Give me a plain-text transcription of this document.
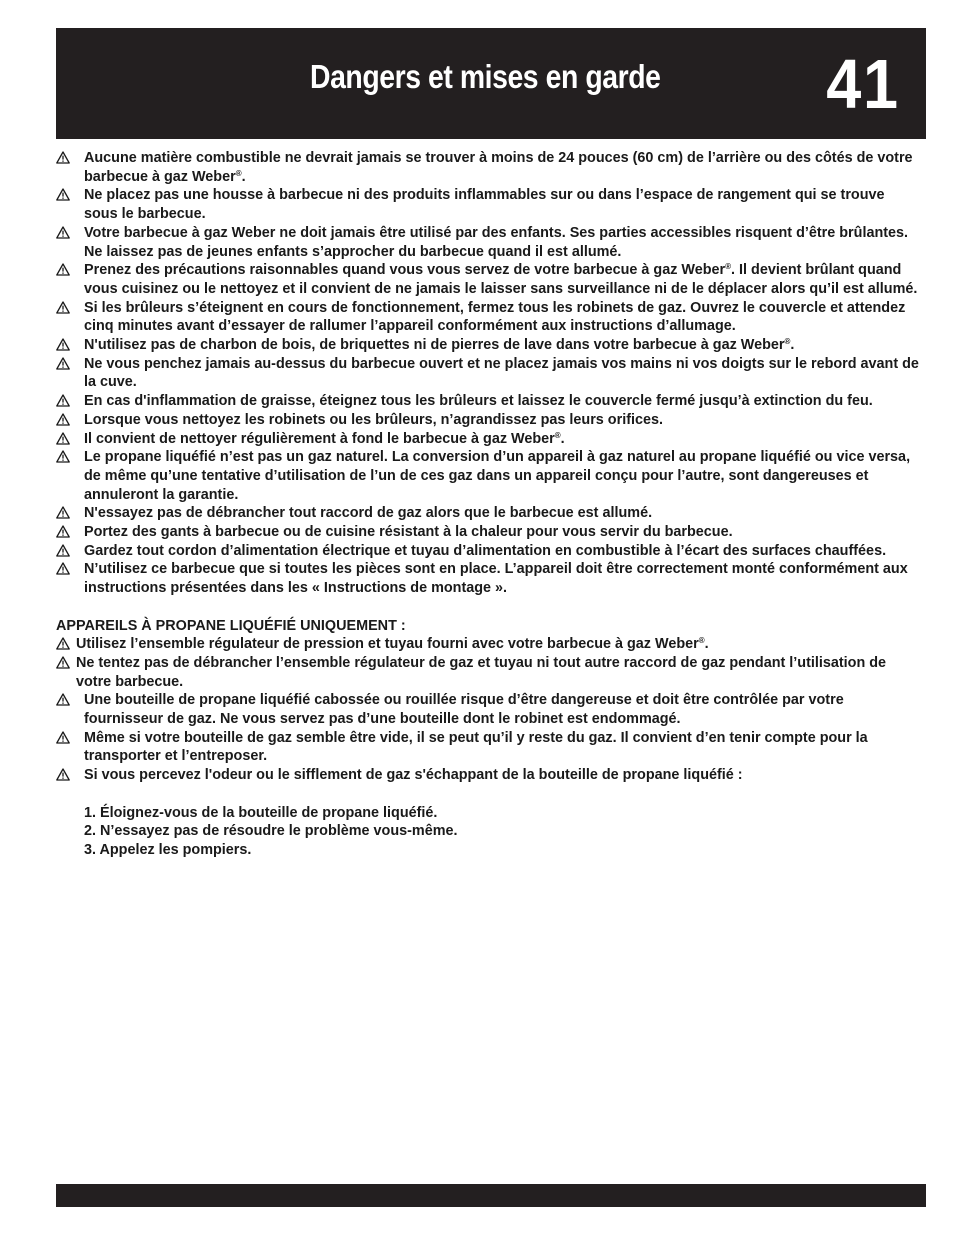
Dangers et mises en garde 41
Aucune matière combustible ne devrait jamais se trouver à moins de 24 pouces (60 cm) de l’arrière ou des côtés de votre barbecue à gaz Weber®.
Ne placez pas une housse à barbecue ni des produits inflammables sur ou dans l’espace de rangement qui se trouve sous le barbecue.
Votre barbecue à gaz Weber ne doit jamais être utilisé par des enfants. Ses parties accessibles risquent d’être brûlantes. Ne laissez pas de jeunes enfants s’approcher du barbecue quand il est allumé.
Prenez des précautions raisonnables quand vous vous servez de votre barbecue à gaz Weber®. Il devient brûlant quand vous cuisinez ou le nettoyez et il convient de ne jamais le laisser sans surveillance ni de le déplacer alors qu’il est allumé.
Si les brûleurs s’éteignent en cours de fonctionnement, fermez tous les robinets de gaz. Ouvrez le couvercle et attendez cinq minutes avant d’essayer de rallumer l’appareil conformément aux instructions d’allumage.
N'utilisez pas de charbon de bois, de briquettes ni de pierres de lave dans votre barbecue à gaz Weber®.
Ne vous penchez jamais au-dessus du barbecue ouvert et ne placez jamais vos mains ni vos doigts sur le rebord avant de la cuve.
En cas d'inflammation de graisse, éteignez tous les brûleurs et laissez le couvercle fermé jusqu’à extinction du feu.
Lorsque vous nettoyez les robinets ou les brûleurs, n’agrandissez pas leurs orifices.
Il convient de nettoyer régulièrement à fond le barbecue à gaz Weber®.
Le propane liquéfié n’est pas un gaz naturel. La conversion d’un appareil à gaz naturel au propane liquéfié ou vice versa, de même qu’une tentative d’utilisation de l’un de ces gaz dans un appareil conçu pour l’autre, sont dangereuses et annuleront la garantie.
N'essayez pas de débrancher tout raccord de gaz alors que le barbecue est allumé.
Portez des gants à barbecue ou de cuisine résistant à la chaleur pour vous servir du barbecue.
Gardez tout cordon d’alimentation électrique et tuyau d’alimentation en combustible à l’écart des surfaces chauffées.
N’utilisez ce barbecue que si toutes les pièces sont en place. L’appareil doit être correctement monté conformément aux instructions présentées dans les « Instructions de montage ».
APPAREILS À PROPANE LIQUÉFIÉ UNIQUEMENT :
Utilisez l’ensemble régulateur de pression et tuyau fourni avec votre barbecue à gaz Weber®.
Ne tentez pas de débrancher l’ensemble régulateur de gaz et tuyau ni tout autre raccord de gaz pendant l’utilisation de votre barbecue.
Une bouteille de propane liquéfié cabossée ou rouillée risque d’être dangereuse et doit être contrôlée par votre fournisseur de gaz. Ne vous servez pas d’une bouteille dont le robinet est endommagé.
Même si votre bouteille de gaz semble être vide, il se peut qu’il y reste du gaz. Il convient d’en tenir compte pour la transporter et l’entreposer.
Si vous percevez l'odeur ou le sifflement de gaz s'échappant de la bouteille de propane liquéfié :
1. Éloignez-vous de la bouteille de propane liquéfié.
2. N’essayez pas de résoudre le problème vous-même.
3. Appelez les pompiers.
